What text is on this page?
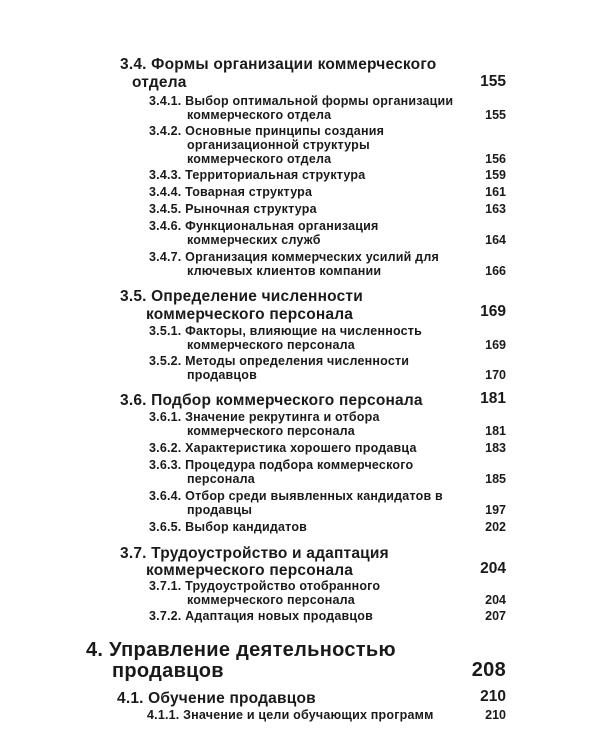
3.4. Формы организации коммерческого
отдела	155
3.4.1. Выбор оптимальной формы организации
коммерческого отдела	155
3.4.2. Основные принципы создания
организационной структуры
коммерческого отдела	156
3.4.3. Территориальная структура	159
3.4.4. Товарная структура	161
3.4.5. Рыночная структура	163
3.4.6. Функциональная организация
коммерческих служб	164
3.4.7. Организация коммерческих усилий для
ключевых клиентов компании	166
3.5. Определение численности
коммерческого персонала	169
3.5.1. Факторы, влияющие на численность
коммерческого персонала	169
3.5.2. Методы определения численности
продавцов	170
3.6. Подбор коммерческого персонала	181
3.6.1. Значение рекрутинга и отбора
коммерческого персонала	181
3.6.2. Характеристика хорошего продавца	183
3.6.3. Процедура подбора коммерческого
персонала	185
3.6.4. Отбор среди выявленных кандидатов в
продавцы	197
3.6.5. Выбор кандидатов	202
3.7. Трудоустройство и адаптация
коммерческого персонала	204
3.7.1. Трудоустройство отобранного
коммерческого персонала	204
3.7.2. Адаптация новых продавцов	207
4. Управление деятельностью
продавцов	208
4.1. Обучение продавцов	210
4.1.1. Значение и цели обучающих программ	210
